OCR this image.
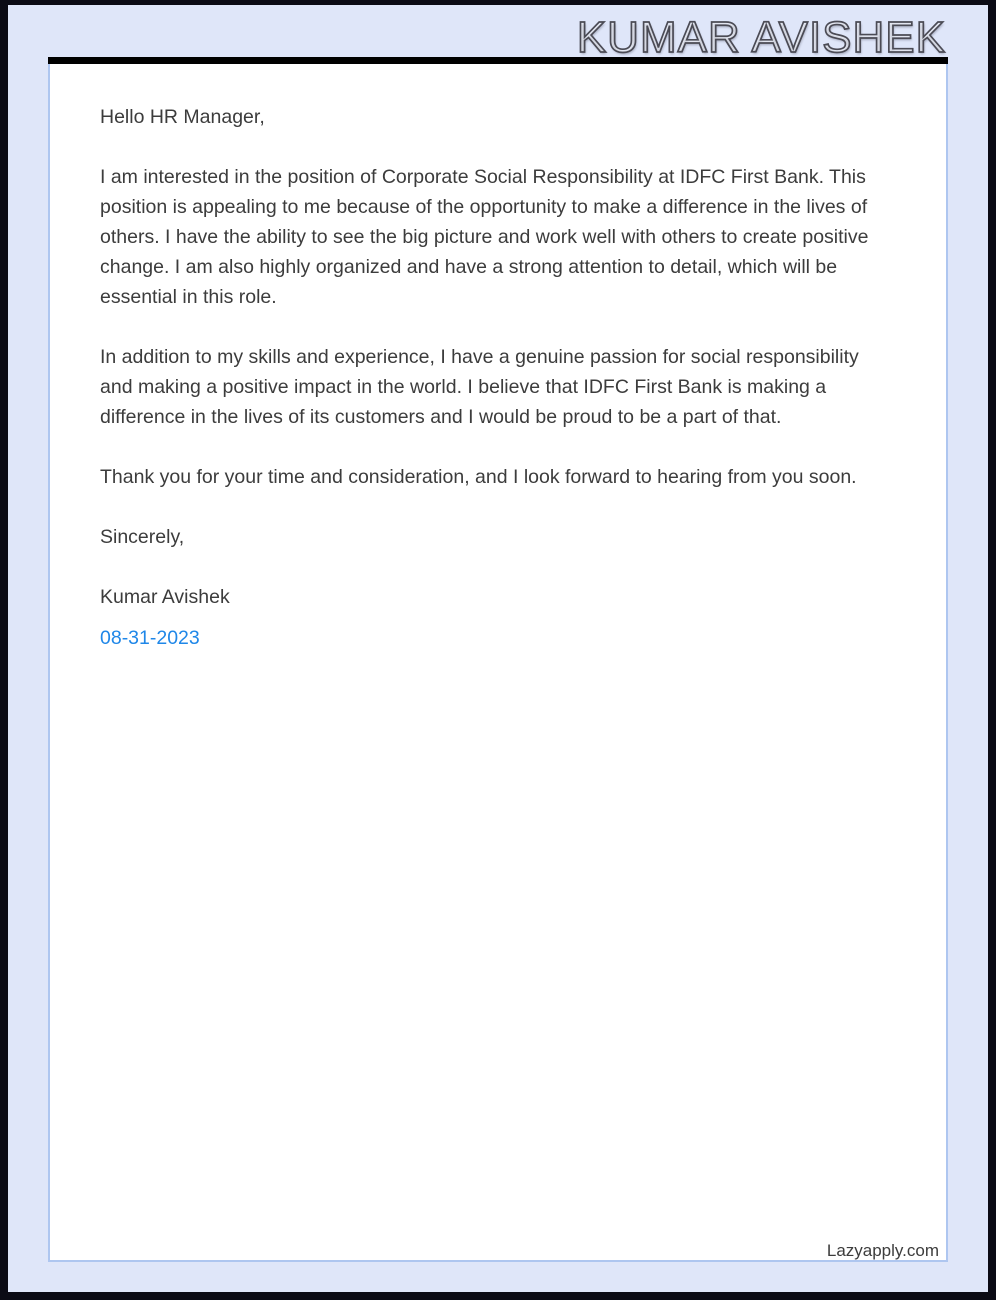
KUMAR AVISHEK
Hello HR Manager,

I am interested in the position of Corporate Social Responsibility at IDFC First Bank. This position is appealing to me because of the opportunity to make a difference in the lives of others. I have the ability to see the big picture and work well with others to create positive change. I am also highly organized and have a strong attention to detail, which will be essential in this role.

In addition to my skills and experience, I have a genuine passion for social responsibility and making a positive impact in the world. I believe that IDFC First Bank is making a difference in the lives of its customers and I would be proud to be a part of that.

Thank you for your time and consideration, and I look forward to hearing from you soon.

Sincerely,
Kumar Avishek
08-31-2023
Lazyapply.com
